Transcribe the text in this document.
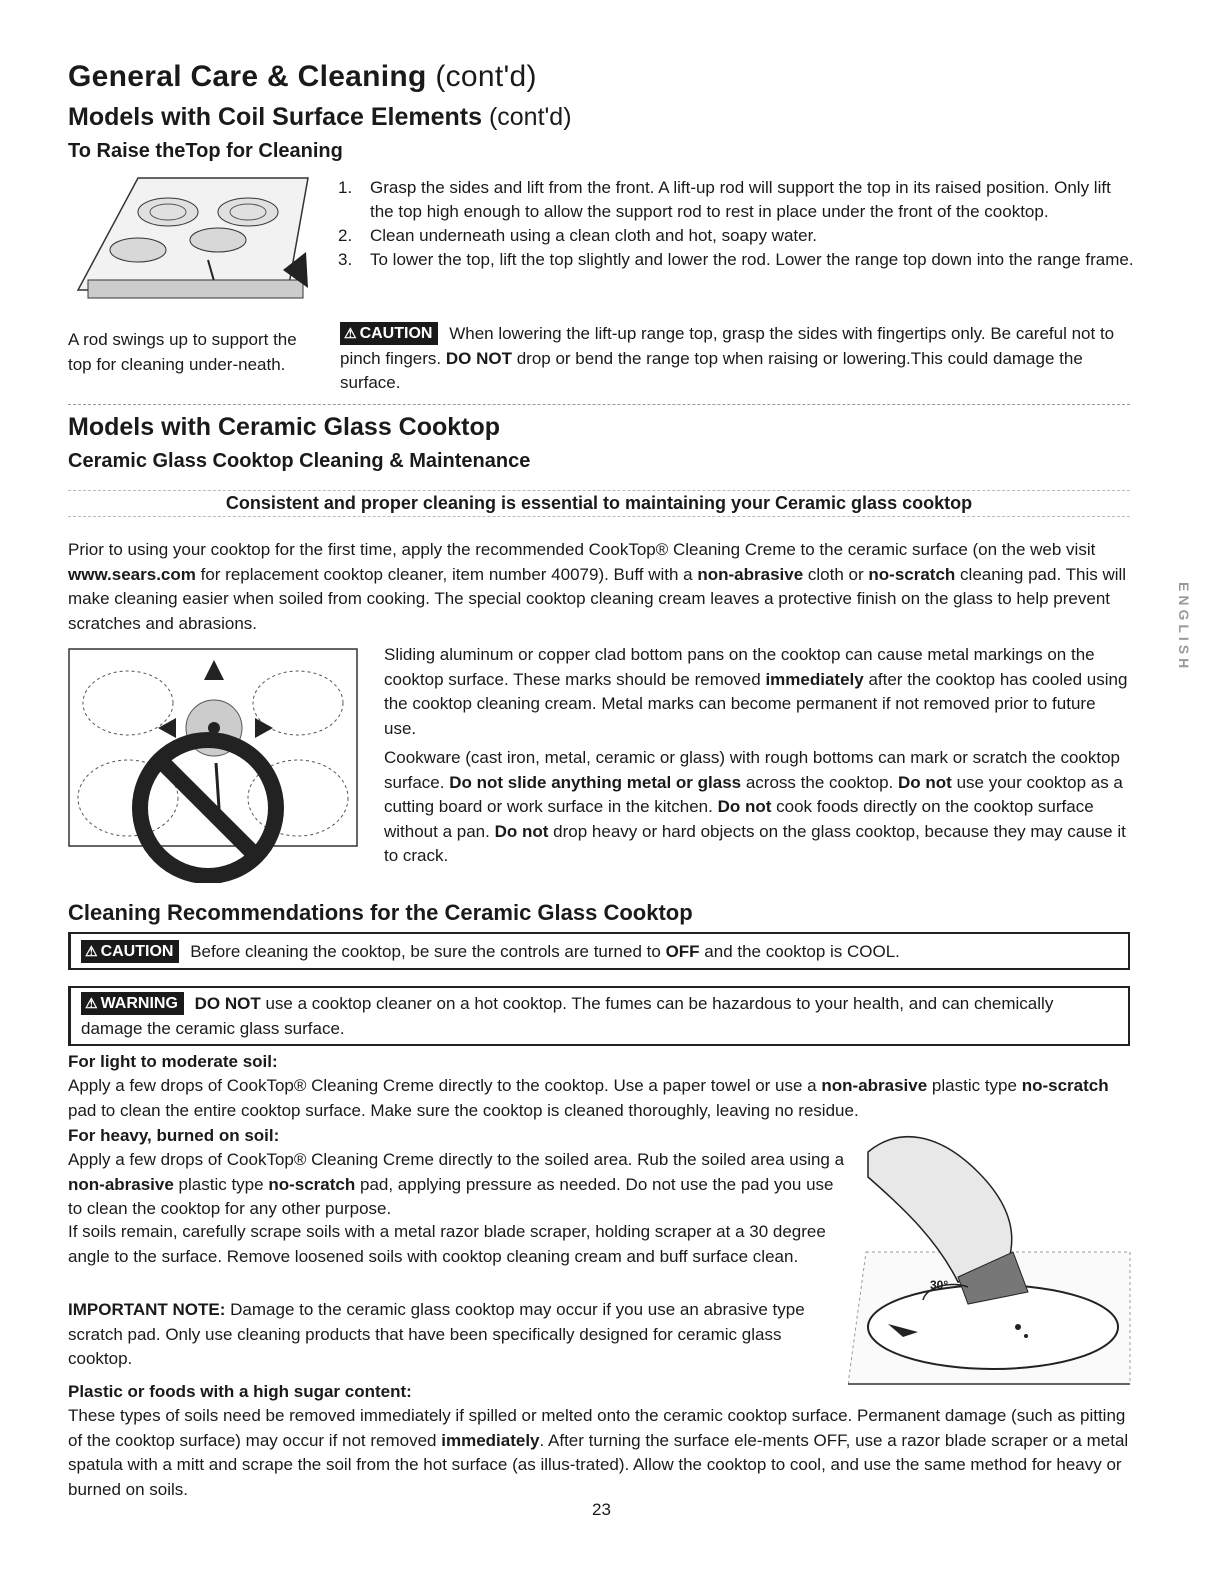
General Care & Cleaning (cont'd)
Models with Coil Surface Elements (cont'd)
To Raise theTop for Cleaning
A rod swings up to support the top for cleaning under-neath.
1.	Grasp the sides and lift from the front. A lift-up rod will support the top in its raised position. Only lift the top high enough to allow the support rod to rest in place under the front of the cooktop.
2.	Clean underneath using a clean cloth and hot, soapy water.
3.	To lower the top, lift the top slightly and lower the rod. Lower the range top down into the range frame.
⚠ CAUTION When lowering the lift-up range top, grasp the sides with fingertips only. Be careful not to pinch fingers. DO NOT drop or bend the range top when raising or lowering.This could damage the surface.
Models with Ceramic Glass Cooktop
Ceramic Glass Cooktop Cleaning & Maintenance
Consistent and proper cleaning is essential to maintaining your Ceramic glass cooktop
Prior to using your cooktop for the first time, apply the recommended CookTop® Cleaning Creme to the ceramic surface (on the web visit www.sears.com for replacement cooktop cleaner, item number 40079). Buff with a non-abrasive cloth or no-scratch cleaning pad. This will make cleaning easier when soiled from cooking. The special cooktop cleaning cream leaves a protective finish on the glass to help prevent scratches and abrasions.
Sliding aluminum or copper clad bottom pans on the cooktop can cause metal markings on the cooktop surface. These marks should be removed immediately after the cooktop has cooled using the cooktop cleaning cream. Metal marks can become permanent if not removed prior to future use.
Cookware (cast iron, metal, ceramic or glass) with rough bottoms can mark or scratch the cooktop surface. Do not slide anything metal or glass across the cooktop. Do not use your cooktop as a cutting board or work surface in the kitchen. Do not cook foods directly on the cooktop surface without a pan. Do not drop heavy or hard objects on the glass cooktop, because they may cause it to crack.
Cleaning Recommendations for the Ceramic Glass Cooktop
⚠ CAUTION Before cleaning the cooktop, be sure the controls are turned to OFF and the cooktop is COOL.
⚠ WARNING DO NOT use a cooktop cleaner on a hot cooktop. The fumes can be hazardous to your health, and can chemically damage the ceramic glass surface.
For light to moderate soil:
Apply a few drops of CookTop® Cleaning Creme directly to the cooktop. Use a paper towel or use a non-abrasive plastic type no-scratch pad to clean the entire cooktop surface. Make sure the cooktop is cleaned thoroughly, leaving no residue.
For heavy, burned on soil:
Apply a few drops of CookTop® Cleaning Creme directly to the soiled area. Rub the soiled area using a non-abrasive plastic type no-scratch pad, applying pressure as needed. Do not use the pad you use to clean the cooktop for any other purpose.
If soils remain, carefully scrape soils with a metal razor blade scraper, holding scraper at a 30 degree angle to the surface. Remove loosened soils with cooktop cleaning cream and buff surface clean.
IMPORTANT NOTE: Damage to the ceramic glass cooktop may occur if you use an abrasive type scratch pad. Only use cleaning products that have been specifically designed for ceramic glass cooktop.
30°
Plastic or foods with a high sugar content:
These types of soils need be removed immediately if spilled or melted onto the ceramic cooktop surface. Permanent damage (such as pitting of the cooktop surface) may occur if not removed immediately. After turning the surface ele-ments OFF, use a razor blade scraper or a metal spatula with a mitt and scrape the soil from the hot surface (as illus-trated). Allow the cooktop to cool, and use the same method for heavy or burned on soils.
ENGLISH
23
